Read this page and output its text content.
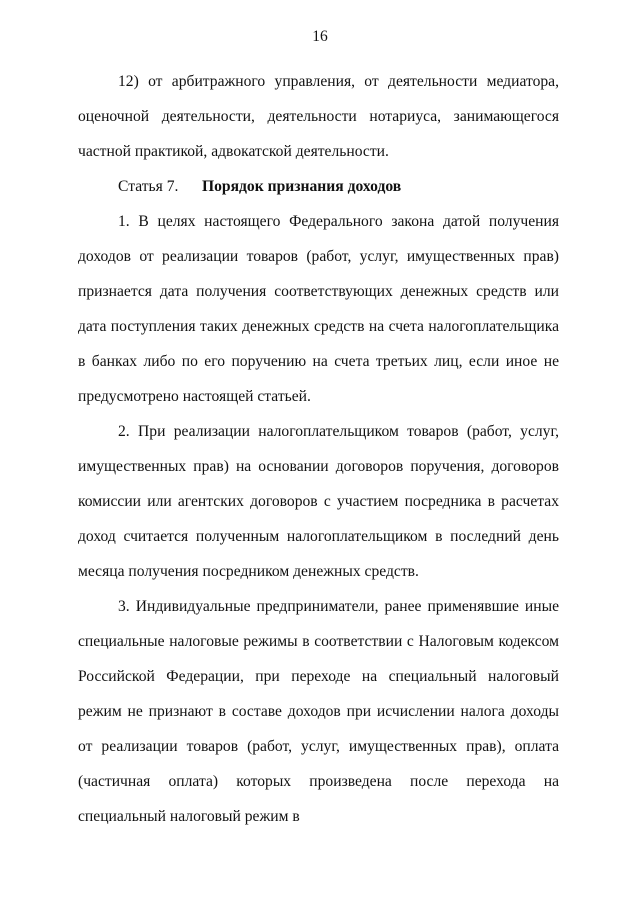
16

12) от арбитражного управления, от деятельности медиатора, оценочной деятельности, деятельности нотариуса, занимающегося частной практикой, адвокатской деятельности.

Статья 7. Порядок признания доходов

1. В целях настоящего Федерального закона датой получения доходов от реализации товаров (работ, услуг, имущественных прав) признается дата получения соответствующих денежных средств или дата поступления таких денежных средств на счета налогоплательщика в банках либо по его поручению на счета третьих лиц, если иное не предусмотрено настоящей статьей.

2. При реализации налогоплательщиком товаров (работ, услуг, имущественных прав) на основании договоров поручения, договоров комиссии или агентских договоров с участием посредника в расчетах доход считается полученным налогоплательщиком в последний день месяца получения посредником денежных средств.

3. Индивидуальные предприниматели, ранее применявшие иные специальные налоговые режимы в соответствии с Налоговым кодексом Российской Федерации, при переходе на специальный налоговый режим не признают в составе доходов при исчислении налога доходы от реализации товаров (работ, услуг, имущественных прав), оплата (частичная оплата) которых произведена после перехода на специальный налоговый режим в
